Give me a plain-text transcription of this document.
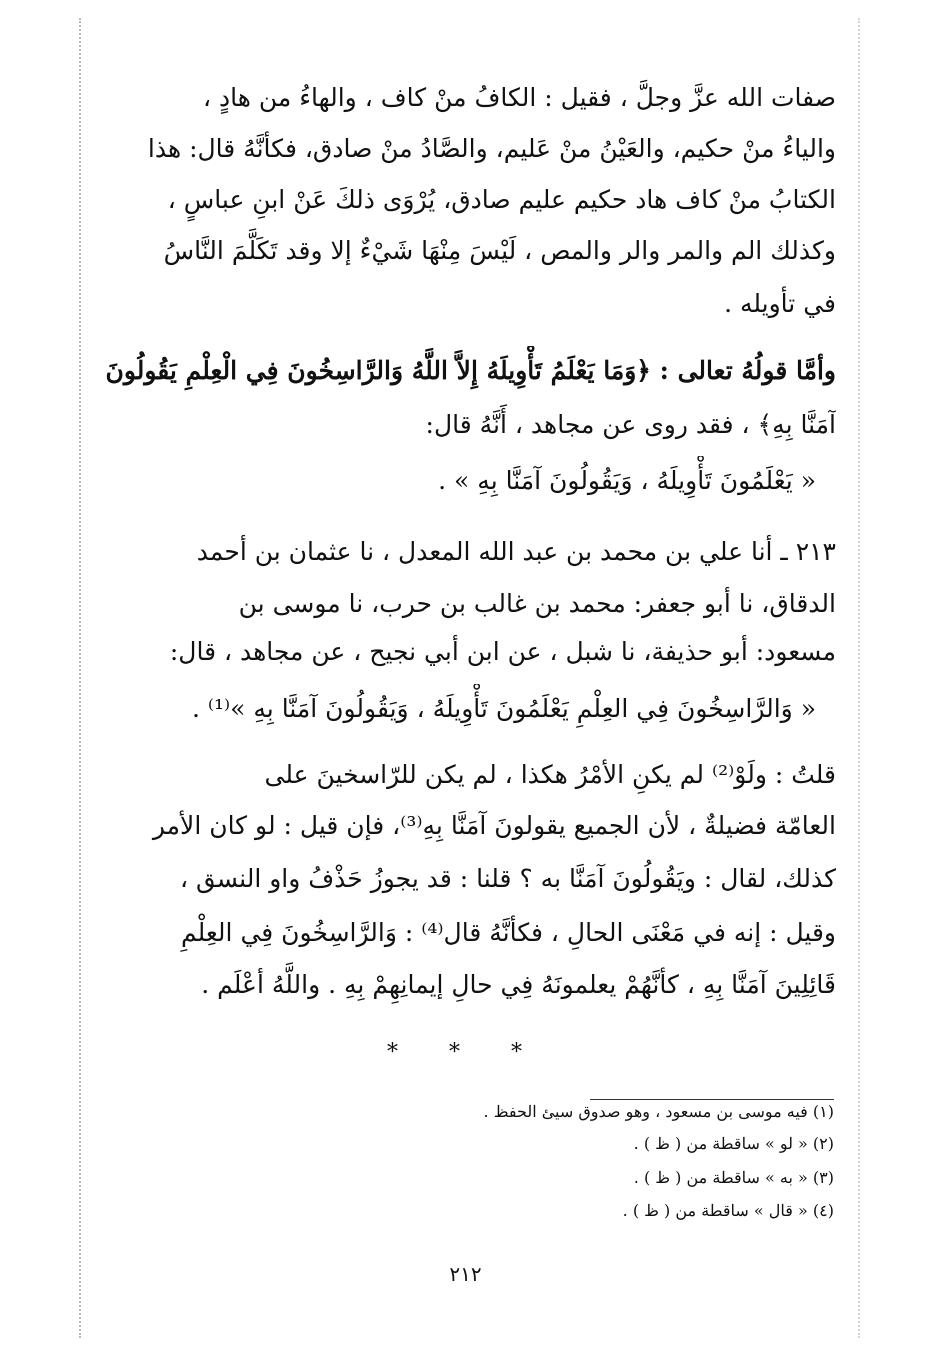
صفات الله عزَّ وجلَّ ، فقيل : الكافُ منْ كاف ، والهاءُ من هادٍ ،
والياءُ منْ حكيم، والعَيْنُ منْ عَليم، والصَّادُ منْ صادق، فكأنَّهُ قال: هذا
الكتابُ منْ كاف هاد حكيم عليم صادق، يُرْوَى ذلكَ عَنْ ابنِ عباسٍ ،
وكذلك الم والمر والر والمص ، لَيْسَ مِنْهَا شَيْءٌ إلا وقد تَكَلَّمَ النَّاسُ
في تأويله .
وأمَّا قولُهُ تعالى : ﴿وَمَا يَعْلَمُ تَأْوِيلَهُ إِلاَّ اللَّهُ وَالرَّاسِخُونَ فِي الْعِلْمِ يَقُولُونَ
آمَنَّا بِهِ﴾ ، فقد روى عن مجاهد ، أَنَّهُ قال:
« يَعْلَمُونَ تَأْوِيلَهُ ، وَيَقُولُونَ آمَنَّا بِهِ » .
٢١٣ ـ أنا علي بن محمد بن عبد الله المعدل ، نا عثمان بن أحمد
الدقاق، نا أبو جعفر: محمد بن غالب بن حرب، نا موسى بن
مسعود: أبو حذيفة، نا شبل ، عن ابن أبي نجيح ، عن مجاهد ، قال:
« وَالرَّاسِخُونَ فِي العِلْمِ يَعْلَمُونَ تَأْوِيلَهُ ، وَيَقُولُونَ آمَنَّا بِهِ »⁽¹⁾ .
قلتُ : ولَوْ⁽²⁾ لم يكنِ الأمْرُ هكذا ، لم يكن للرّاسخينَ على
العامّة فضيلةٌ ، لأن الجميع يقولونَ آمَنَّا بِهِ⁽³⁾، فإن قيل : لو كان الأمر
كذلك، لقال : ويَقُولُونَ آمَنَّا به ؟ قلنا : قد يجوزُ حَذْفُ واو النسق ،
وقيل : إنه في مَعْنَى الحالِ ، فكأنَّهُ قال⁽⁴⁾ : وَالرَّاسِخُونَ فِي العِلْمِ
قَائِلِينَ آمَنَّا بِهِ ، كأنَّهُمْ يعلمونَهُ فِي حالِ إيمانِهِمْ بِهِ . واللَّهُ أعْلَم .
* * *
(١) فيه موسى بن مسعود ، وهو صدوق سيئ الحفظ .
(٢) « لو » ساقطة من ( ظ ) .
(٣) « به » ساقطة من ( ظ ) .
(٤) « قال » ساقطة من ( ظ ) .
٢١٢
